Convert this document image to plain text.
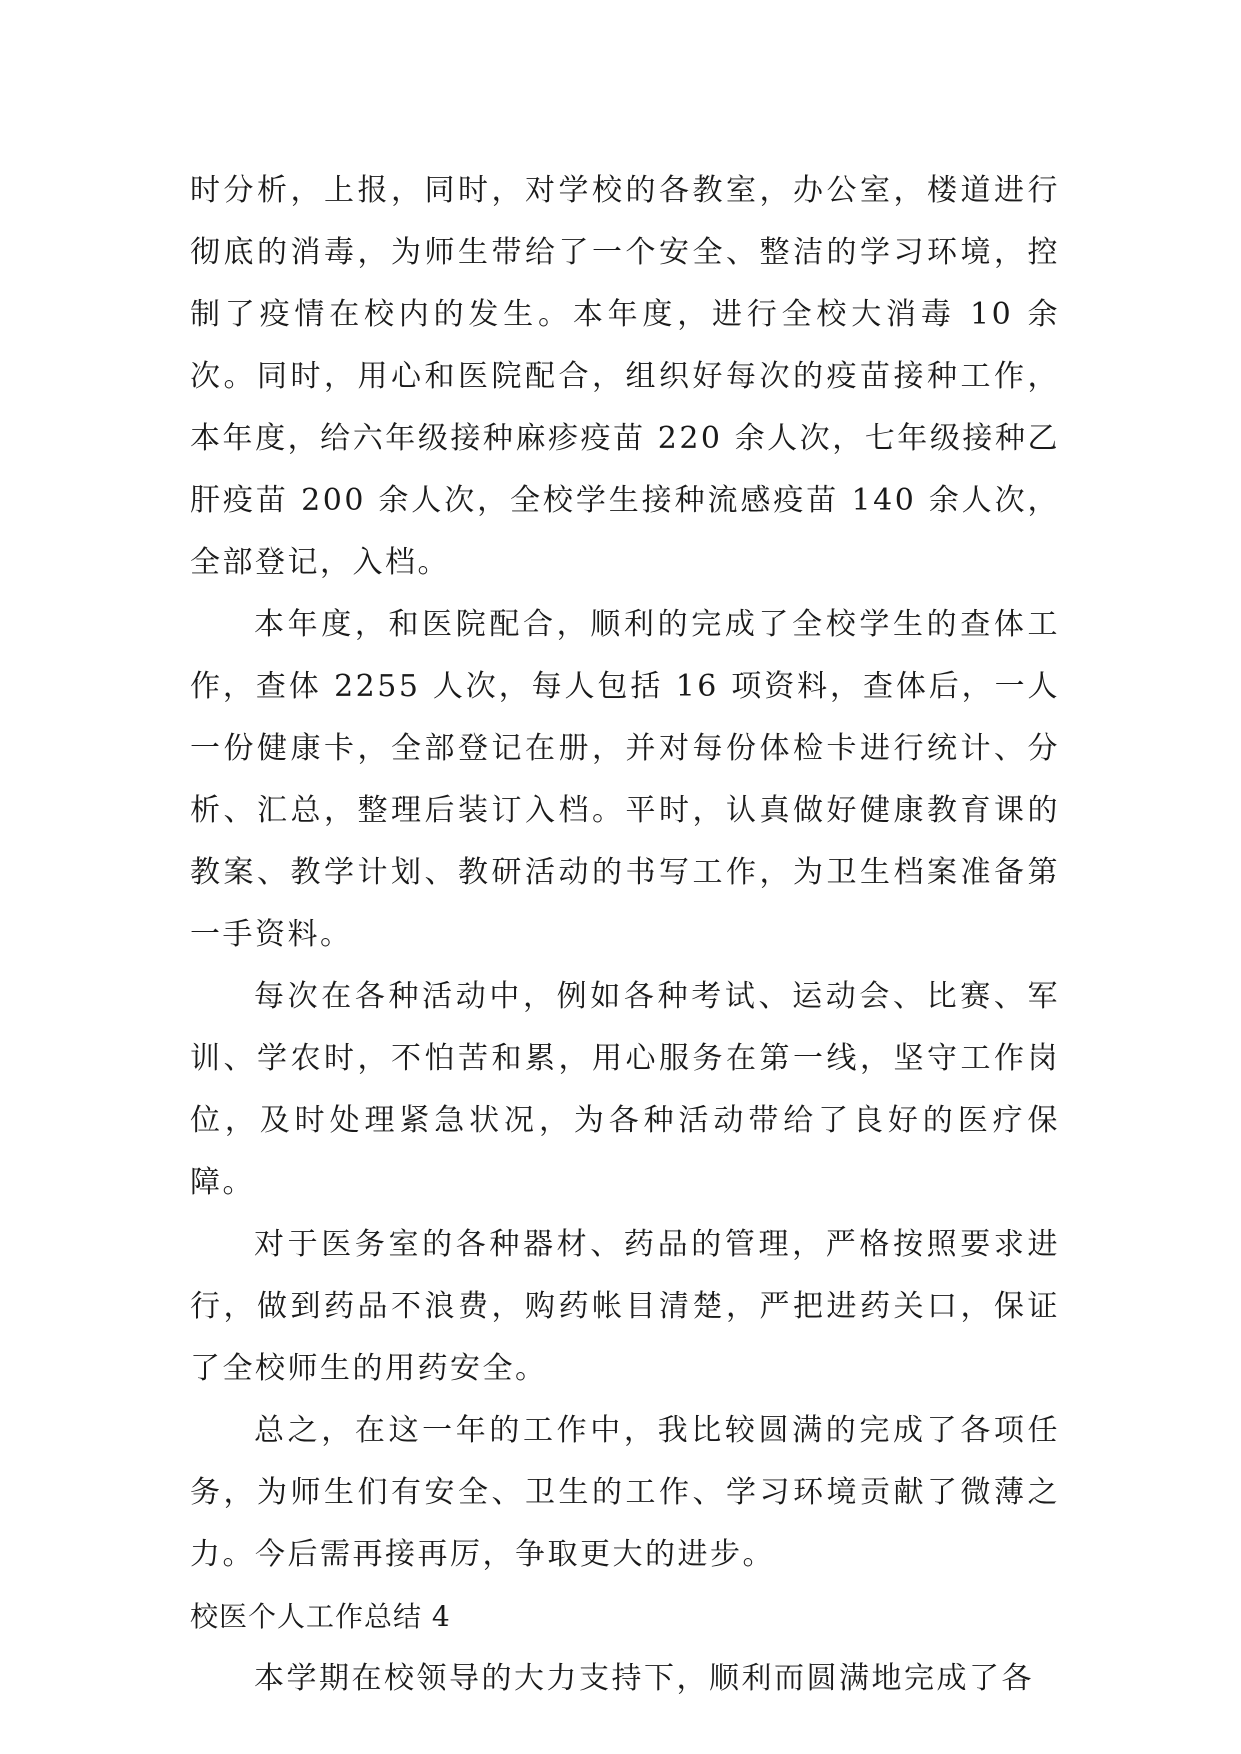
时分析，上报，同时，对学校的各教室，办公室，楼道进行彻底的消毒，为师生带给了一个安全、整洁的学习环境，控制了疫情在校内的发生。本年度，进行全校大消毒 10 余次。同时，用心和医院配合，组织好每次的疫苗接种工作，本年度，给六年级接种麻疹疫苗 220 余人次，七年级接种乙肝疫苗 200 余人次，全校学生接种流感疫苗 140 余人次，全部登记，入档。

本年度，和医院配合，顺利的完成了全校学生的查体工作，查体 2255 人次，每人包括 16 项资料，查体后，一人一份健康卡，全部登记在册，并对每份体检卡进行统计、分析、汇总，整理后装订入档。平时，认真做好健康教育课的教案、教学计划、教研活动的书写工作，为卫生档案准备第一手资料。

每次在各种活动中，例如各种考试、运动会、比赛、军训、学农时，不怕苦和累，用心服务在第一线，坚守工作岗位，及时处理紧急状况，为各种活动带给了良好的医疗保障。

对于医务室的各种器材、药品的管理，严格按照要求进行，做到药品不浪费，购药帐目清楚，严把进药关口，保证了全校师生的用药安全。

总之，在这一年的工作中，我比较圆满的完成了各项任务，为师生们有安全、卫生的工作、学习环境贡献了微薄之力。今后需再接再厉，争取更大的进步。

校医个人工作总结 4

本学期在校领导的大力支持下，顺利而圆满地完成了各
